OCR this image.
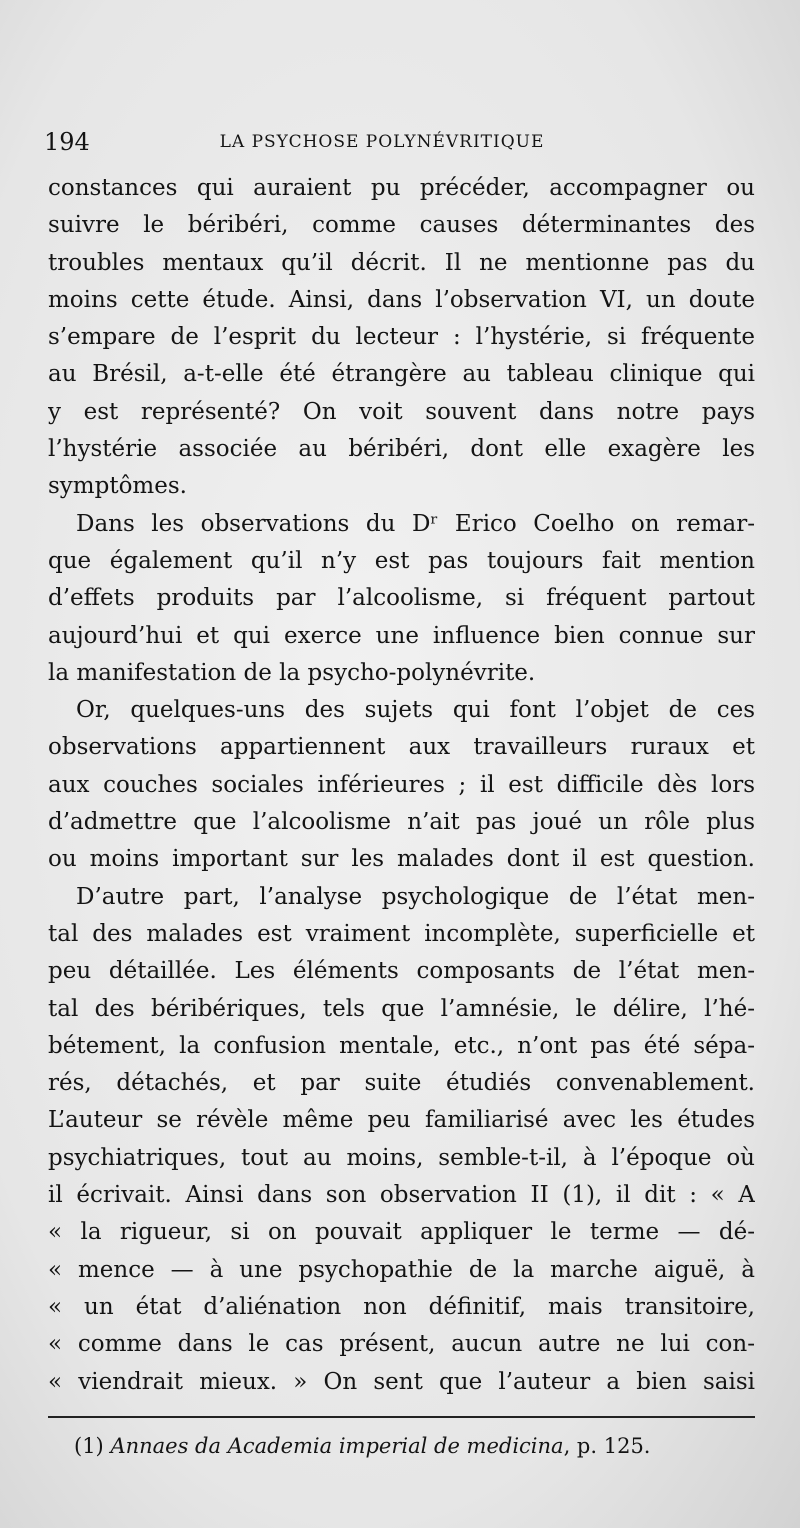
194	LA PSYCHOSE POLYNÉVRITIQUE
constances qui auraient pu précéder, accompagner ou
suivre le béribéri, comme causes déterminantes des
troubles mentaux qu’il décrit. Il ne mentionne pas du
moins cette étude. Ainsi, dans l’observation VI, un doute
s’empare de l’esprit du lecteur : l’hystérie, si fréquente
au Brésil, a-t-elle été étrangère au tableau clinique qui
y est représenté? On voit souvent dans notre pays
l’hystérie associée au béribéri, dont elle exagère les
symptômes.
Dans les observations du Dʳ Erico Coelho on remar-
que également qu’il n’y est pas toujours fait mention
d’effets produits par l’alcoolisme, si fréquent partout
aujourd’hui et qui exerce une influence bien connue sur
la manifestation de la psycho-polynévrite.
Or, quelques-uns des sujets qui font l’objet de ces
observations appartiennent aux travailleurs ruraux et
aux couches sociales inférieures ; il est difficile dès lors
d’admettre que l’alcoolisme n’ait pas joué un rôle plus
ou moins important sur les malades dont il est question.
D’autre part, l’analyse psychologique de l’état men-
tal des malades est vraiment incomplète, superficielle et
peu détaillée. Les éléments composants de l’état men-
tal des béribériques, tels que l’amnésie, le délire, l’hé-
bétement, la confusion mentale, etc., n’ont pas été sépa-
rés, détachés, et par suite étudiés convenablement.
L’auteur se révèle même peu familiarisé avec les études
psychiatriques, tout au moins, semble-t-il, à l’époque où
il écrivait. Ainsi dans son observation II (1), il dit : « A
« la rigueur, si on pouvait appliquer le terme — dé-
« mence — à une psychopathie de la marche aiguë, à
« un état d’aliénation non définitif, mais transitoire,
« comme dans le cas présent, aucun autre ne lui con-
« viendrait mieux. » On sent que l’auteur a bien saisi
(1) Annaes da Academia imperial de medicina, p. 125.
